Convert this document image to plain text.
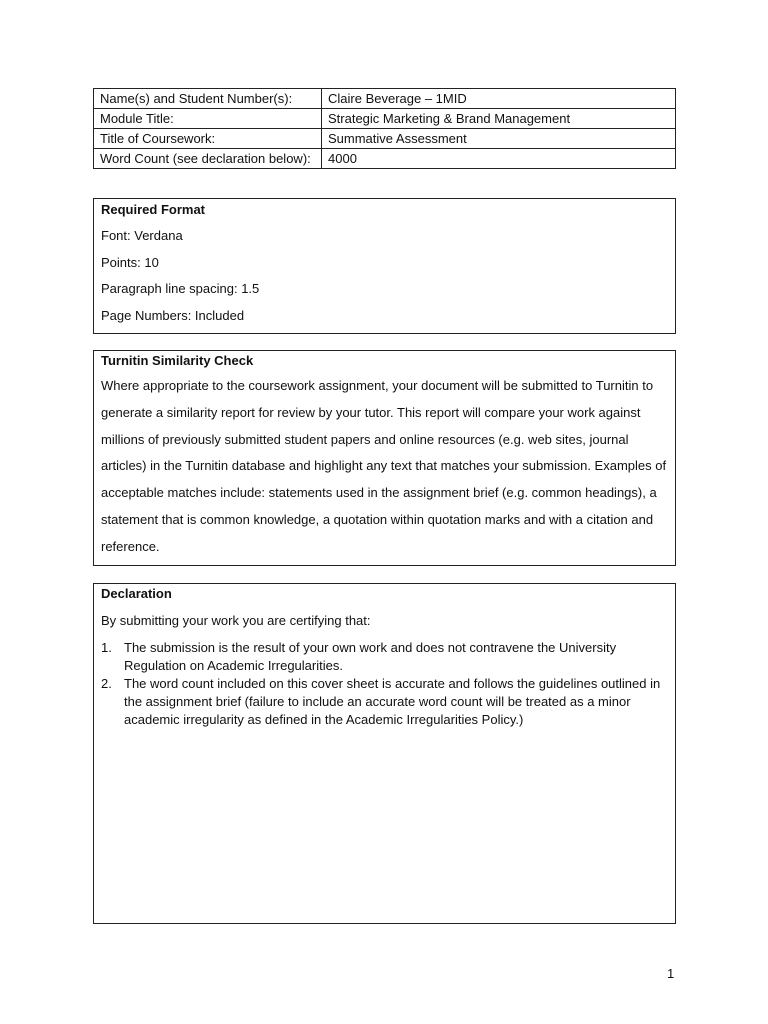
Name(s) and Student Number(s):	Claire Beverage – 1MID
Module Title:	Strategic Marketing & Brand Management
Title of Coursework:	Summative Assessment
Word Count (see declaration below):	4000
Required Format
Font: Verdana
Points: 10
Paragraph line spacing: 1.5
Page Numbers: Included
Turnitin Similarity Check
Where appropriate to the coursework assignment, your document will be submitted to Turnitin to generate a similarity report for review by your tutor. This report will compare your work against millions of previously submitted student papers and online resources (e.g. web sites, journal articles) in the Turnitin database and highlight any text that matches your submission. Examples of acceptable matches include: statements used in the assignment brief (e.g. common headings), a statement that is common knowledge, a quotation within quotation marks and with a citation and reference.
Declaration
By submitting your work you are certifying that:
1. The submission is the result of your own work and does not contravene the University Regulation on Academic Irregularities.
2. The word count included on this cover sheet is accurate and follows the guidelines outlined in the assignment brief (failure to include an accurate word count will be treated as a minor academic irregularity as defined in the Academic Irregularities Policy.)
1
